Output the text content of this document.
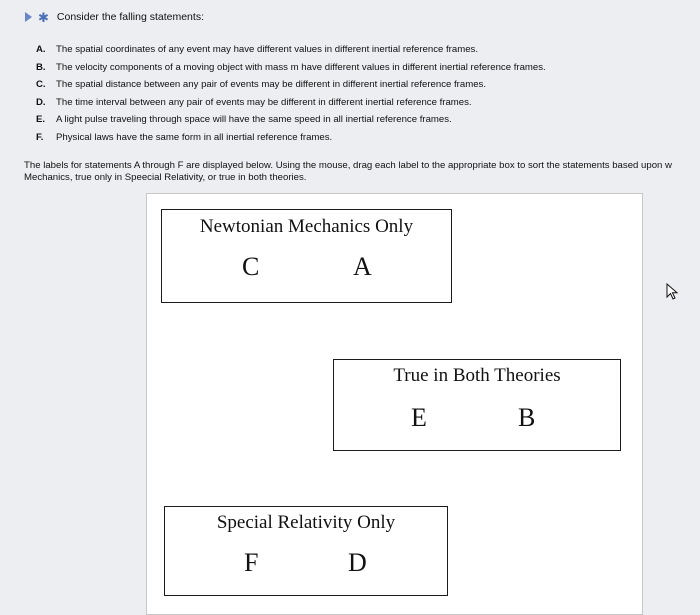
✱ Consider the falling statements:
A.	The spatial coordinates of any event may have different values in different inertial reference frames.
B.	The velocity components of a moving object with mass m have different values in different inertial reference frames.
C.	The spatial distance between any pair of events may be different in different inertial reference frames.
D.	The time interval between any pair of events may be different in different inertial reference frames.
E.	A light pulse traveling through space will have the same speed in all inertial reference frames.
F.	Physical laws have the same form in all inertial reference frames.
The labels for statements A through F are displayed below. Using the mouse, drag each label to the appropriate box to sort the statements based upon w
Mechanics, true only in Speecial Relativity, or true in both theories.
Newtonian Mechanics Only
C	A
True in Both Theories
E	B
Special Relativity Only
F	D
